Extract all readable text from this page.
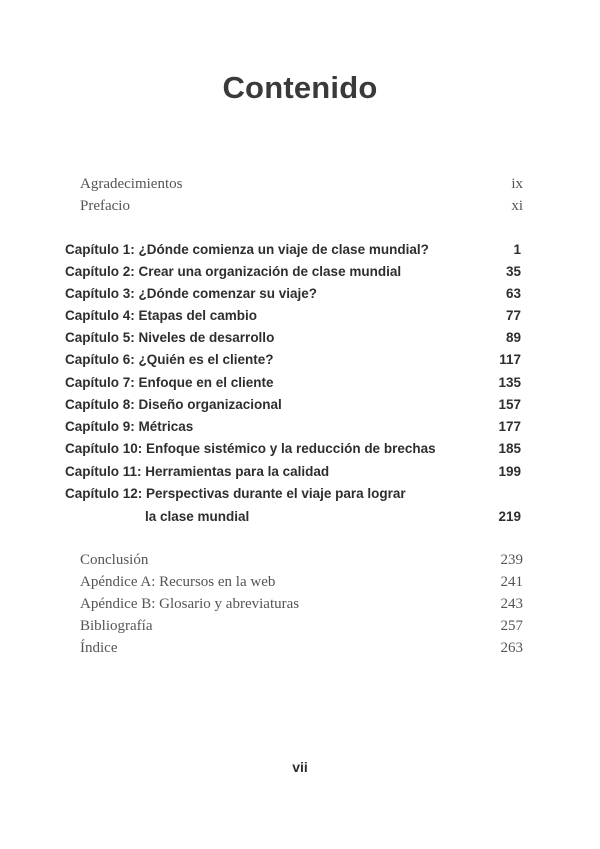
Contenido
Agradecimientos	ix
Prefacio	xi
Capítulo 1: ¿Dónde comienza un viaje de clase mundial?	1
Capítulo 2: Crear una organización de clase mundial	35
Capítulo 3: ¿Dónde comenzar su viaje?	63
Capítulo 4: Etapas del cambio	77
Capítulo 5: Niveles de desarrollo	89
Capítulo 6: ¿Quién es el cliente?	117
Capítulo 7: Enfoque en el cliente	135
Capítulo 8: Diseño organizacional	157
Capítulo 9: Métricas	177
Capítulo 10: Enfoque sistémico y la reducción de brechas	185
Capítulo 11: Herramientas para la calidad	199
Capítulo 12: Perspectivas durante el viaje para lograr
la clase mundial	219
Conclusión	239
Apéndice A: Recursos en la web	241
Apéndice B: Glosario y abreviaturas	243
Bibliografía	257
Índice	263
vii
